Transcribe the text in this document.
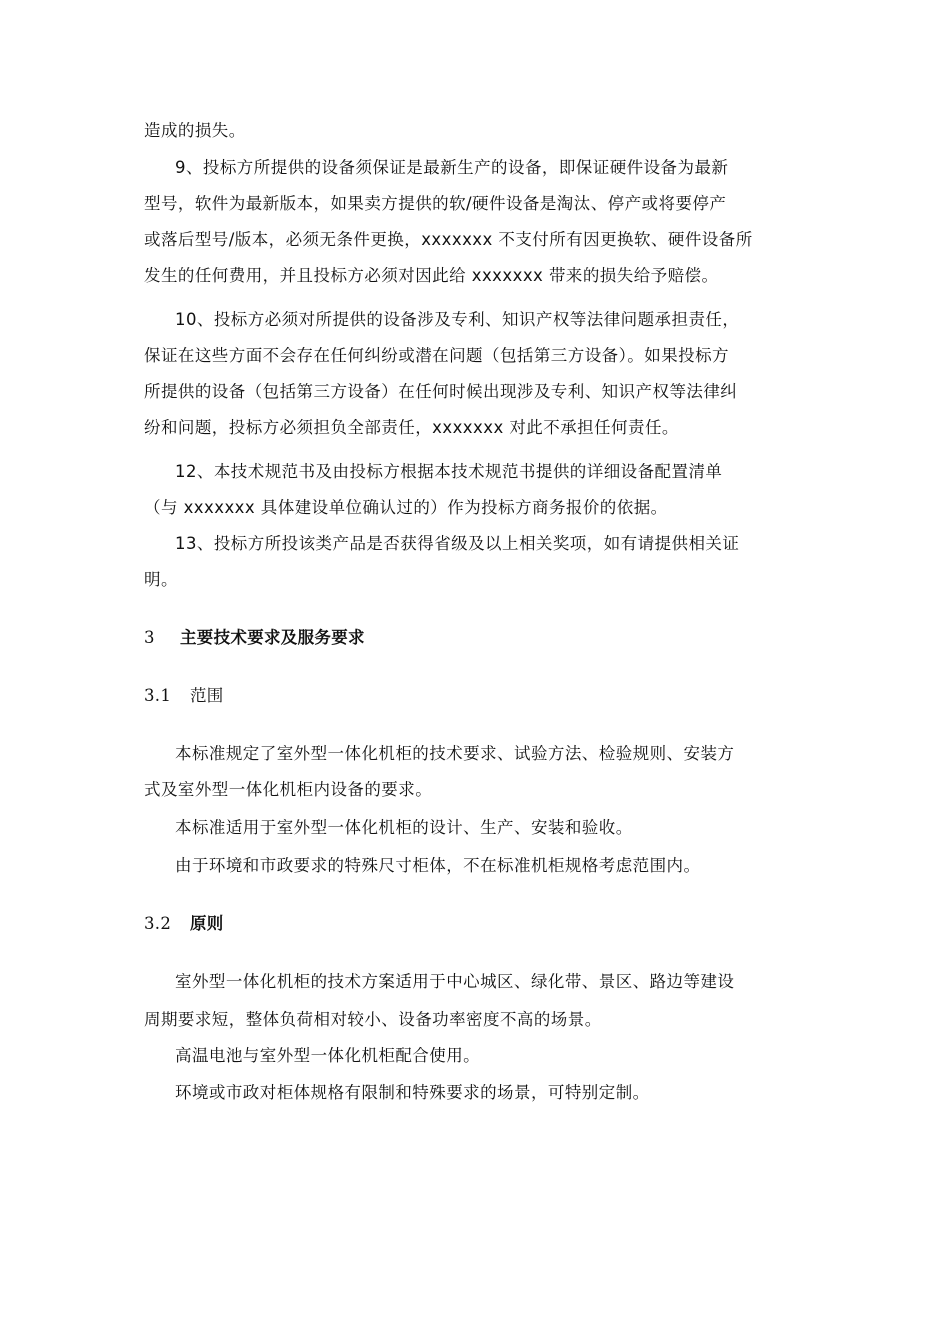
造成的损失。
9、投标方所提供的设备须保证是最新生产的设备，即保证硬件设备为最新
型号，软件为最新版本，如果卖方提供的软/硬件设备是淘汰、停产或将要停产
或落后型号/版本，必须无条件更换，xxxxxxx 不支付所有因更换软、硬件设备所
发生的任何费用，并且投标方必须对因此给 xxxxxxx 带来的损失给予赔偿。
10、投标方必须对所提供的设备涉及专利、知识产权等法律问题承担责任，
保证在这些方面不会存在任何纠纷或潜在问题（包括第三方设备）。如果投标方
所提供的设备（包括第三方设备）在任何时候出现涉及专利、知识产权等法律纠
纷和问题，投标方必须担负全部责任，xxxxxxx 对此不承担任何责任。
12、本技术规范书及由投标方根据本技术规范书提供的详细设备配置清单
（与 xxxxxxx 具体建设单位确认过的）作为投标方商务报价的依据。
13、投标方所投该类产品是否获得省级及以上相关奖项，如有请提供相关证
明。
3 主要技术要求及服务要求
3.1 范围
本标准规定了室外型一体化机柜的技术要求、试验方法、检验规则、安装方
式及室外型一体化机柜内设备的要求。
本标准适用于室外型一体化机柜的设计、生产、安装和验收。
由于环境和市政要求的特殊尺寸柜体，不在标准机柜规格考虑范围内。
3.2 原则
室外型一体化机柜的技术方案适用于中心城区、绿化带、景区、路边等建设
周期要求短，整体负荷相对较小、设备功率密度不高的场景。
高温电池与室外型一体化机柜配合使用。
环境或市政对柜体规格有限制和特殊要求的场景，可特别定制。
